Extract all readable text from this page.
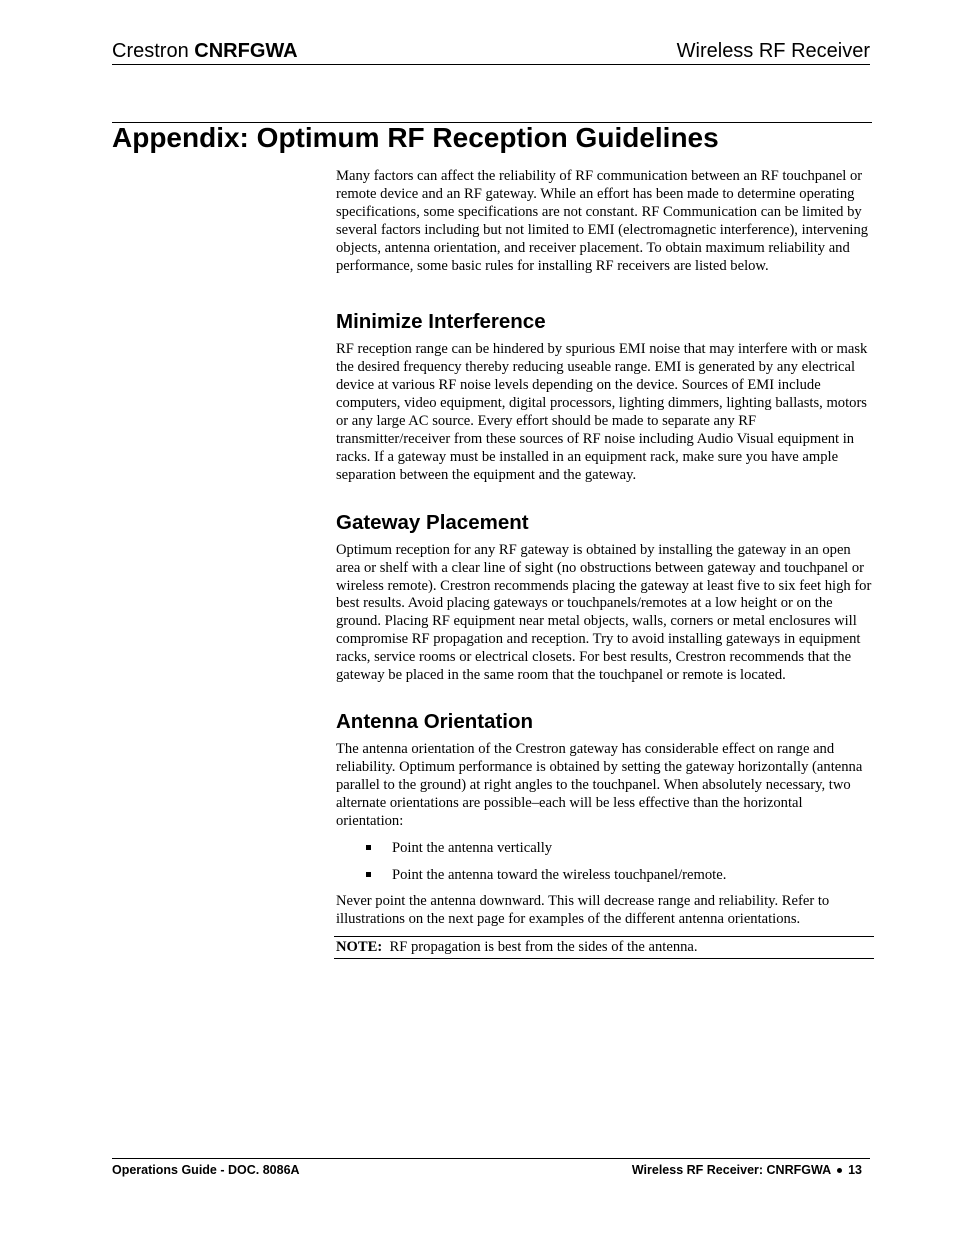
Crestron CNRFGWA	Wireless RF Receiver
Appendix: Optimum RF Reception Guidelines

Many factors can affect the reliability of RF communication between an RF touchpanel or remote device and an RF gateway. While an effort has been made to determine operating specifications, some specifications are not constant. RF Communication can be limited by several factors including but not limited to EMI (electromagnetic interference), intervening objects, antenna orientation, and receiver placement. To obtain maximum reliability and performance, some basic rules for installing RF receivers are listed below.

Minimize Interference

RF reception range can be hindered by spurious EMI noise that may interfere with or mask the desired frequency thereby reducing useable range. EMI is generated by any electrical device at various RF noise levels depending on the device. Sources of EMI include computers, video equipment, digital processors, lighting dimmers, lighting ballasts, motors or any large AC source. Every effort should be made to separate any RF transmitter/receiver from these sources of RF noise including Audio Visual equipment in racks. If a gateway must be installed in an equipment rack, make sure you have ample separation between the equipment and the gateway.

Gateway Placement

Optimum reception for any RF gateway is obtained by installing the gateway in an open area or shelf with a clear line of sight (no obstructions between gateway and touchpanel or wireless remote). Crestron recommends placing the gateway at least five to six feet high for best results. Avoid placing gateways or touchpanels/remotes at a low height or on the ground. Placing RF equipment near metal objects, walls, corners or metal enclosures will compromise RF propagation and reception. Try to avoid installing gateways in equipment racks, service rooms or electrical closets. For best results, Crestron recommends that the gateway be placed in the same room that the touchpanel or remote is located.

Antenna Orientation

The antenna orientation of the Crestron gateway has considerable effect on range and reliability. Optimum performance is obtained by setting the gateway horizontally (antenna parallel to the ground) at right angles to the touchpanel. When absolutely necessary, two alternate orientations are possible–each will be less effective than the horizontal orientation:

Point the antenna vertically
Point the antenna toward the wireless touchpanel/remote.

Never point the antenna downward. This will decrease range and reliability. Refer to illustrations on the next page for examples of the different antenna orientations.

NOTE: RF propagation is best from the sides of the antenna.
Operations Guide - DOC. 8086A	Wireless RF Receiver: CNRFGWA 13
